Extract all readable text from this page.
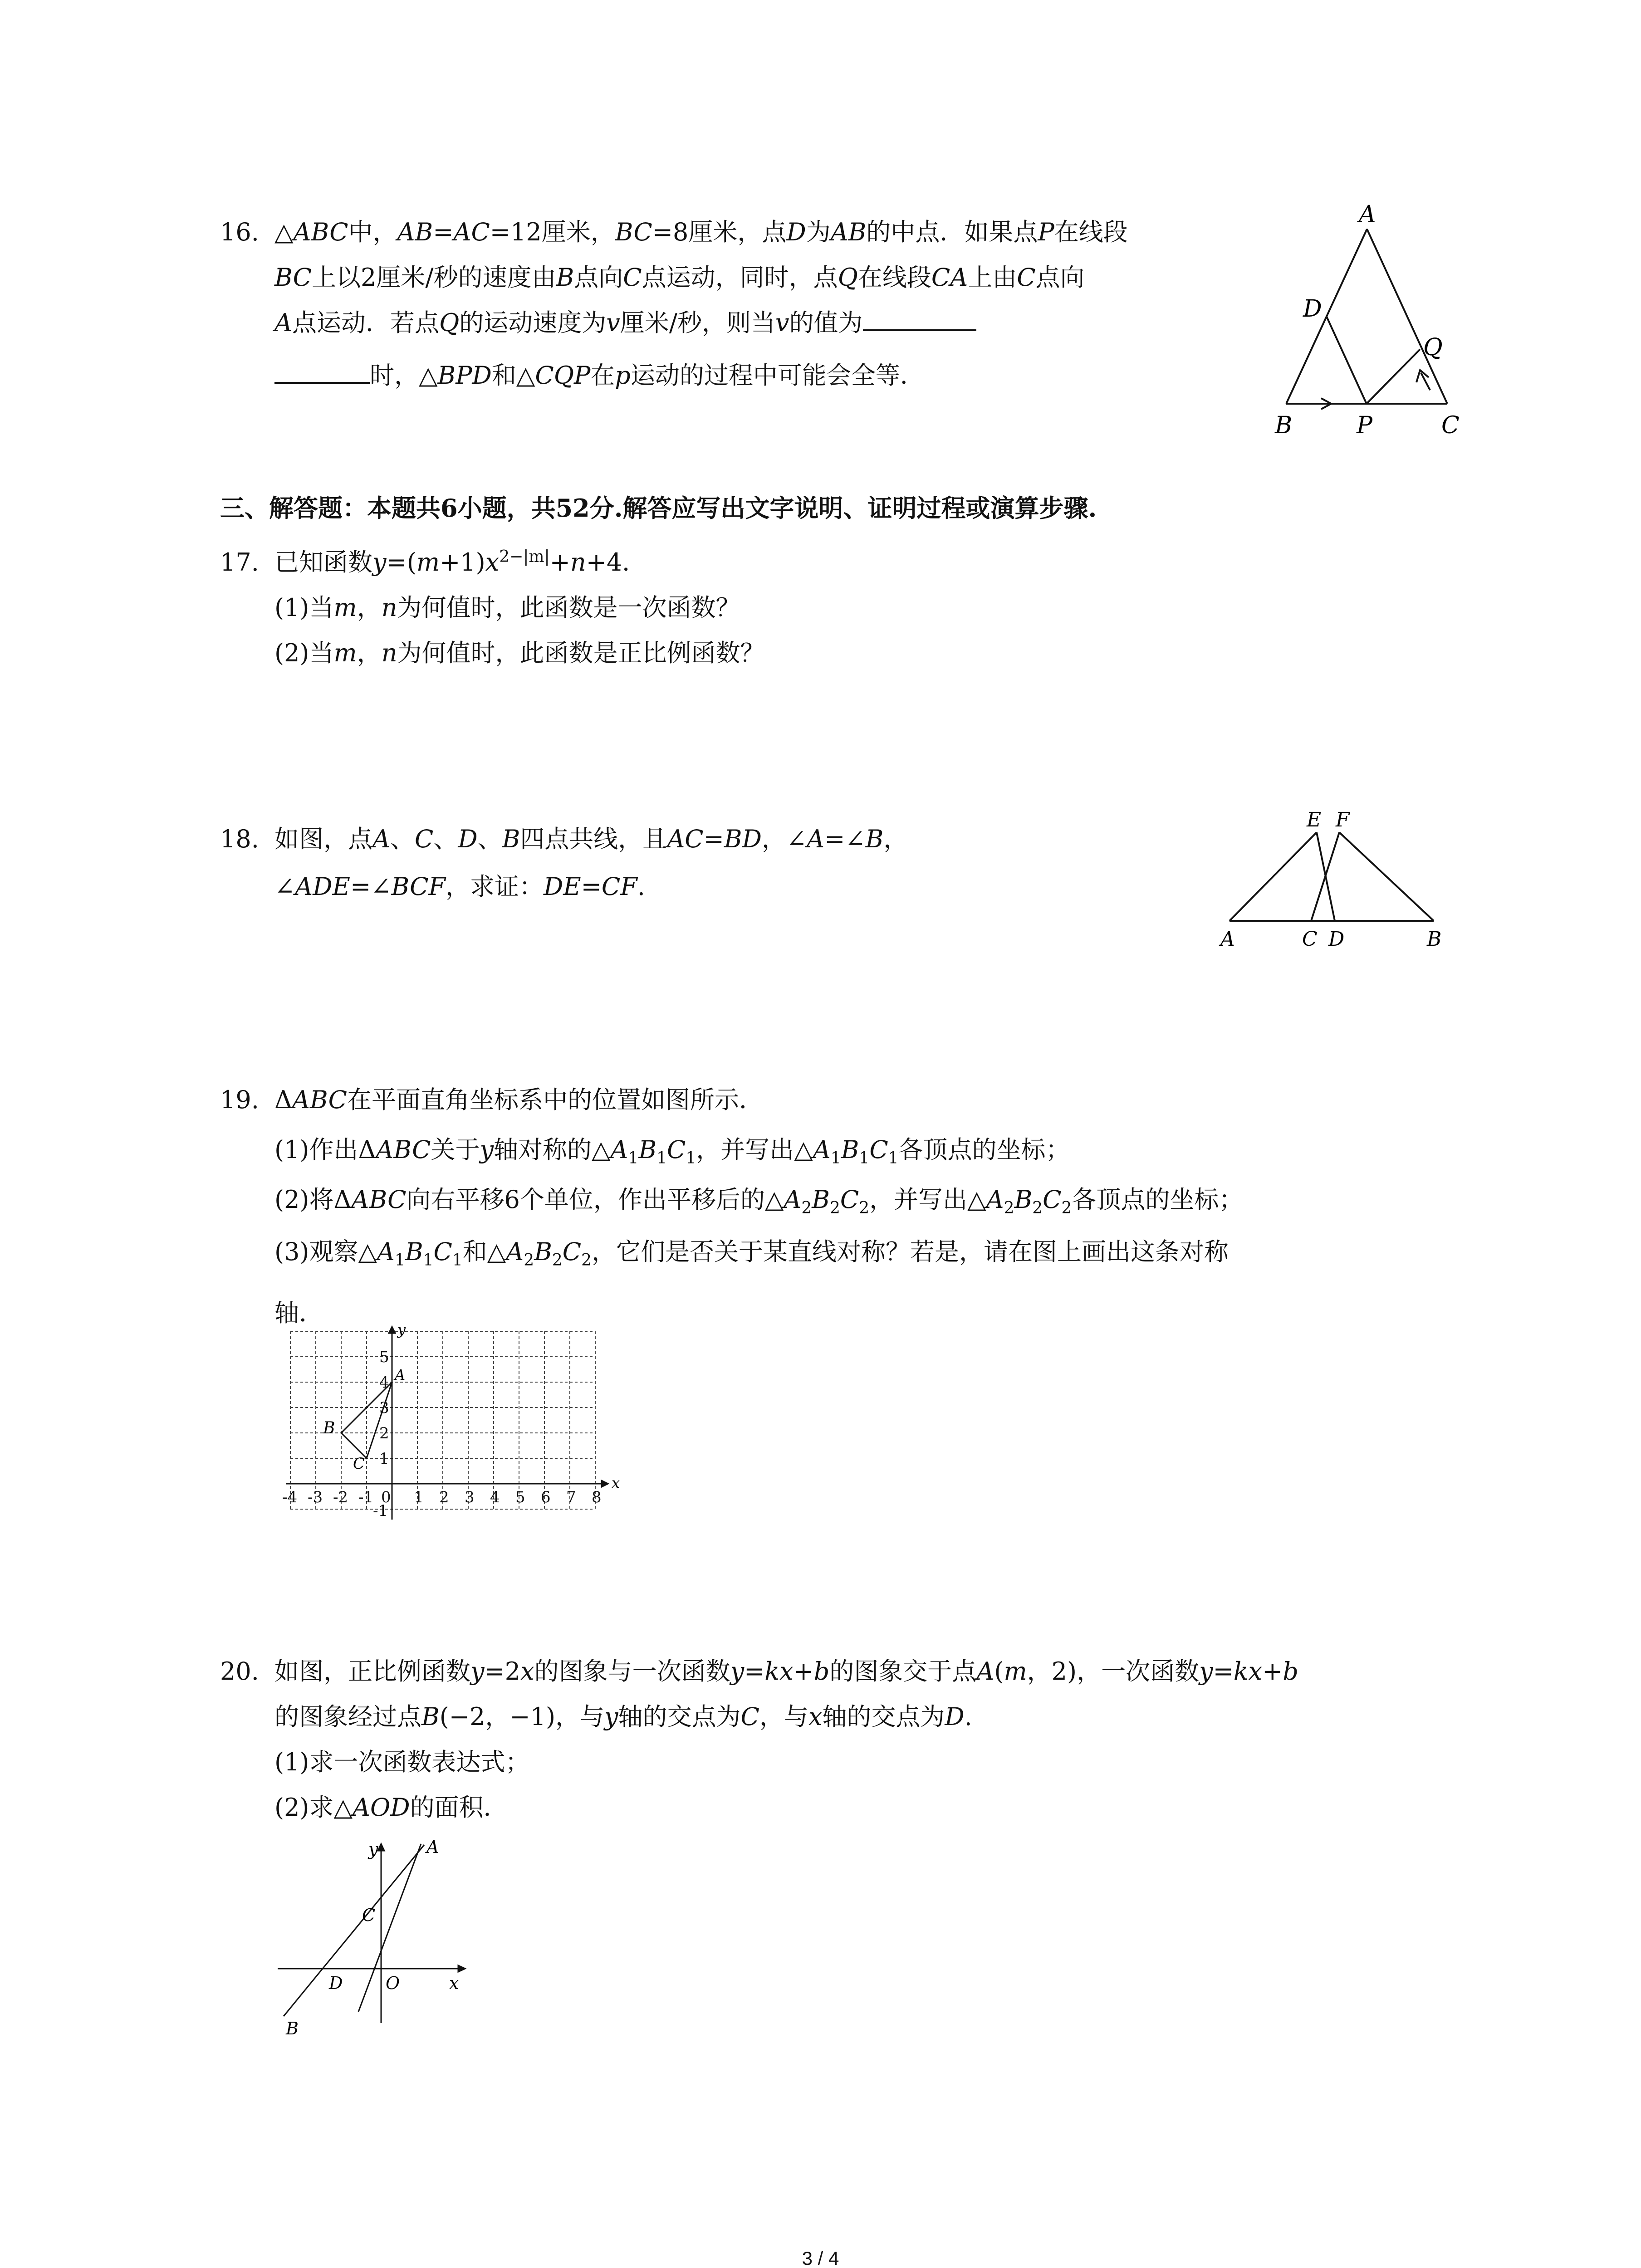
16. △ABC中，AB=AC=12厘米，BC=8厘米，点D为AB的中点．如果点P在线段
BC上以2厘米/秒的速度由B点向C点运动，同时，点Q在线段CA上由C点向
A点运动．若点Q的运动速度为v厘米/秒，则当v的值为
时，△BPD和△CQP在p运动的过程中可能会全等．
A
D
Q
B	P	C
三、解答题：本题共6小题，共52分.解答应写出文字说明、证明过程或演算步骤.
17. 已知函数$y=(m+1)x^{2-|m|}+n+4$．
(1)当m，n为何值时，此函数是一次函数？
(2)当m，n为何值时，此函数是正比例函数？
18. 如图，点A、C、D、B四点共线，且AC=BD，∠A=∠B，
∠ADE=∠BCF，求证：DE=CF.
E F
A	C D	B
19. ΔABC在平面直角坐标系中的位置如图所示．
(1)作出ΔABC关于y轴对称的$\triangle A_1B_1C_1$，并写出$\triangle A_1B_1C_1$各顶点的坐标；
(2)将ΔABC向右平移6个单位，作出平移后的$\triangle A_2B_2C_2$，并写出$\triangle A_2B_2C_2$各顶点的坐标；
(3)观察$\triangle A_1B_1C_1$和$\triangle A_2B_2C_2$，它们是否关于某直线对称？若是，请在图上画出这条对称
轴．
-4 -3 -2 -1 0 1 2 3 4 5 6 7 8
5
4
3
2
1
-1
x
y
A
B
C
20. 如图，正比例函数y=2x的图象与一次函数y=kx+b的图象交于点A(m，2)，一次函数y=kx+b
的图象经过点B(−2，−1)，与y轴的交点为C，与x轴的交点为D.
(1)求一次函数表达式；
(2)求△AOD的面积．
y	A
C
D O	x
B
3 / 4
